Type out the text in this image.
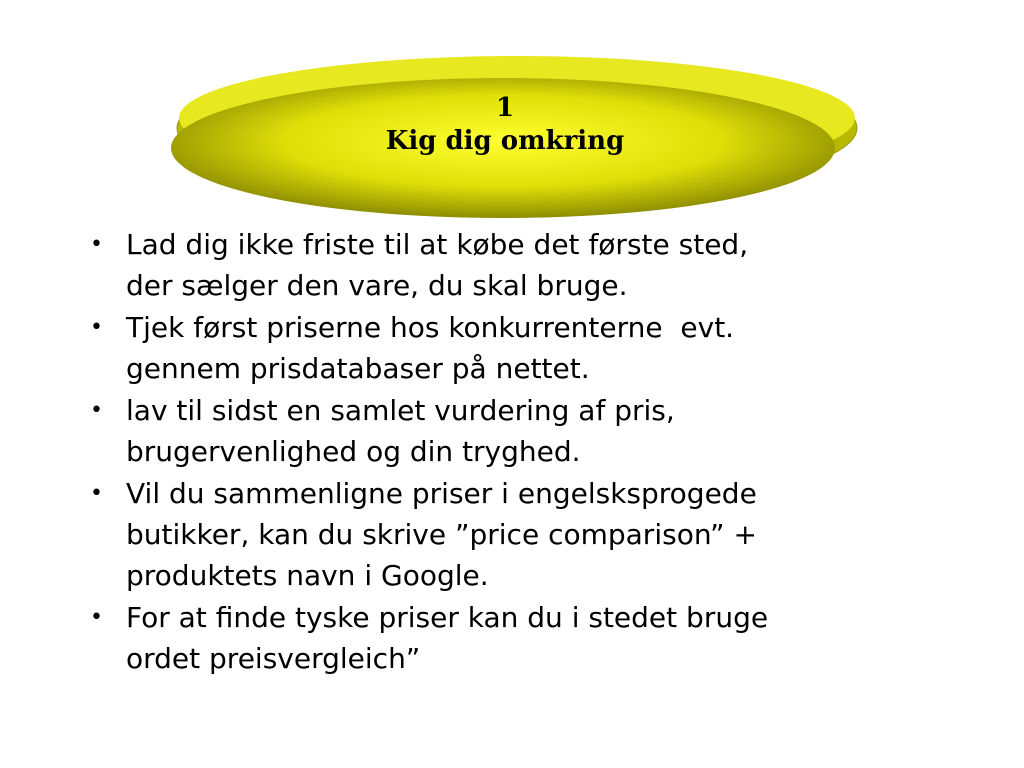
1
Kig dig omkring
• Lad dig ikke friste til at købe det første sted,
der sælger den vare, du skal bruge.
• Tjek først priserne hos konkurrenterne  evt.
gennem prisdatabaser på nettet.
• lav til sidst en samlet vurdering af pris,
brugervenlighed og din tryghed.
• Vil du sammenligne priser i engelsksprogede
butikker, kan du skrive ”price comparison” +
produktets navn i Google.
• For at finde tyske priser kan du i stedet bruge
ordet preisvergleich”
